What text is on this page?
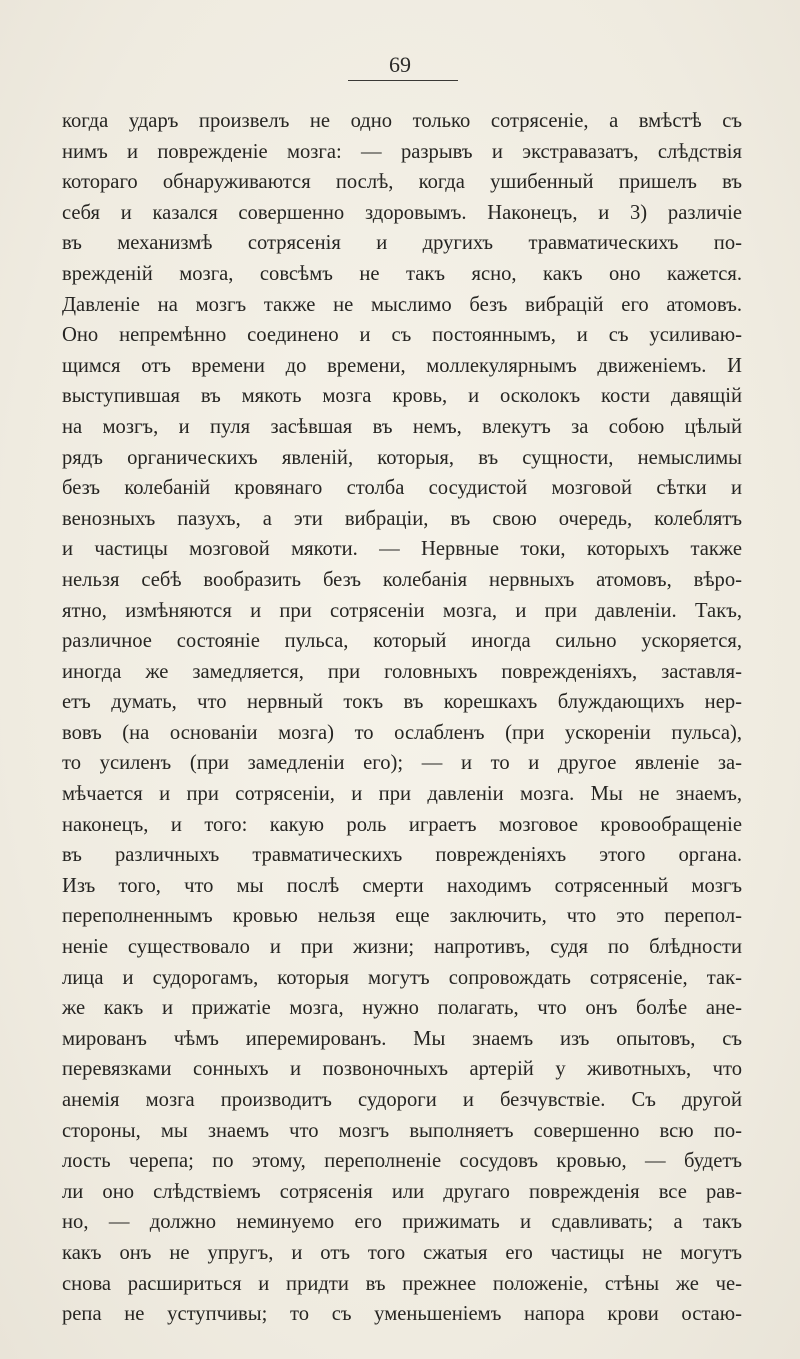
69
когда ударъ произвелъ не одно только сотрясеніе, а вмѣстѣ съ
нимъ и поврежденіе мозга: — разрывъ и экстравазатъ, слѣдствія
котораго обнаруживаются послѣ, когда ушибенный пришелъ въ
себя и казался совершенно здоровымъ. Наконецъ, и 3) различіе
въ механизмѣ сотрясенія и другихъ травматическихъ по-
врежденій мозга, совсѣмъ не такъ ясно, какъ оно кажется.
Давленіе на мозгъ также не мыслимо безъ вибрацій его атомовъ.
Оно непремѣнно соединено и съ постояннымъ, и съ усиливаю-
щимся отъ времени до времени, моллекулярнымъ движеніемъ. И
выступившая въ мякоть мозга кровь, и осколокъ кости давящій
на мозгъ, и пуля засѣвшая въ немъ, влекутъ за собою цѣлый
рядъ органическихъ явленій, которыя, въ сущности, немыслимы
безъ колебаній кровянаго столба сосудистой мозговой сѣтки и
венозныхъ пазухъ, а эти вибраціи, въ свою очередь, колеблятъ
и частицы мозговой мякоти. — Нервные токи, которыхъ также
нельзя себѣ вообразить безъ колебанія нервныхъ атомовъ, вѣро-
ятно, измѣняются и при сотрясеніи мозга, и при давленіи. Такъ,
различное состояніе пульса, который иногда сильно ускоряется,
иногда же замедляется, при головныхъ поврежденіяхъ, заставля-
етъ думать, что нервный токъ въ корешкахъ блуждающихъ нер-
вовъ (на основаніи мозга) то ослабленъ (при ускореніи пульса),
то усиленъ (при замедленіи его); — и то и другое явленіе за-
мѣчается и при сотрясеніи, и при давленіи мозга. Мы не знаемъ,
наконецъ, и того: какую роль играетъ мозговое кровообращеніе
въ различныхъ травматическихъ поврежденіяхъ этого органа.
Изъ того, что мы послѣ смерти находимъ сотрясенный мозгъ
переполненнымъ кровью нельзя еще заключить, что это перепол-
неніе существовало и при жизни; напротивъ, судя по блѣдности
лица и судорогамъ, которыя могутъ сопровождать сотрясеніе, так-
же какъ и прижатіе мозга, нужно полагать, что онъ болѣе ане-
мированъ чѣмъ иперемированъ. Мы знаемъ изъ опытовъ, съ
перевязками сонныхъ и позвоночныхъ артерій у животныхъ, что
анемія мозга производитъ судороги и безчувствіе. Съ другой
стороны, мы знаемъ что мозгъ выполняетъ совершенно всю по-
лость черепа; по этому, переполненіе сосудовъ кровью, — будетъ
ли оно слѣдствіемъ сотрясенія или другаго поврежденія все рав-
но, — должно неминуемо его прижимать и сдавливать; а такъ
какъ онъ не упругъ, и отъ того сжатыя его частицы не могутъ
снова расшириться и придти въ прежнее положеніе, стѣны же че-
репа не уступчивы; то съ уменьшеніемъ напора крови остаю-
